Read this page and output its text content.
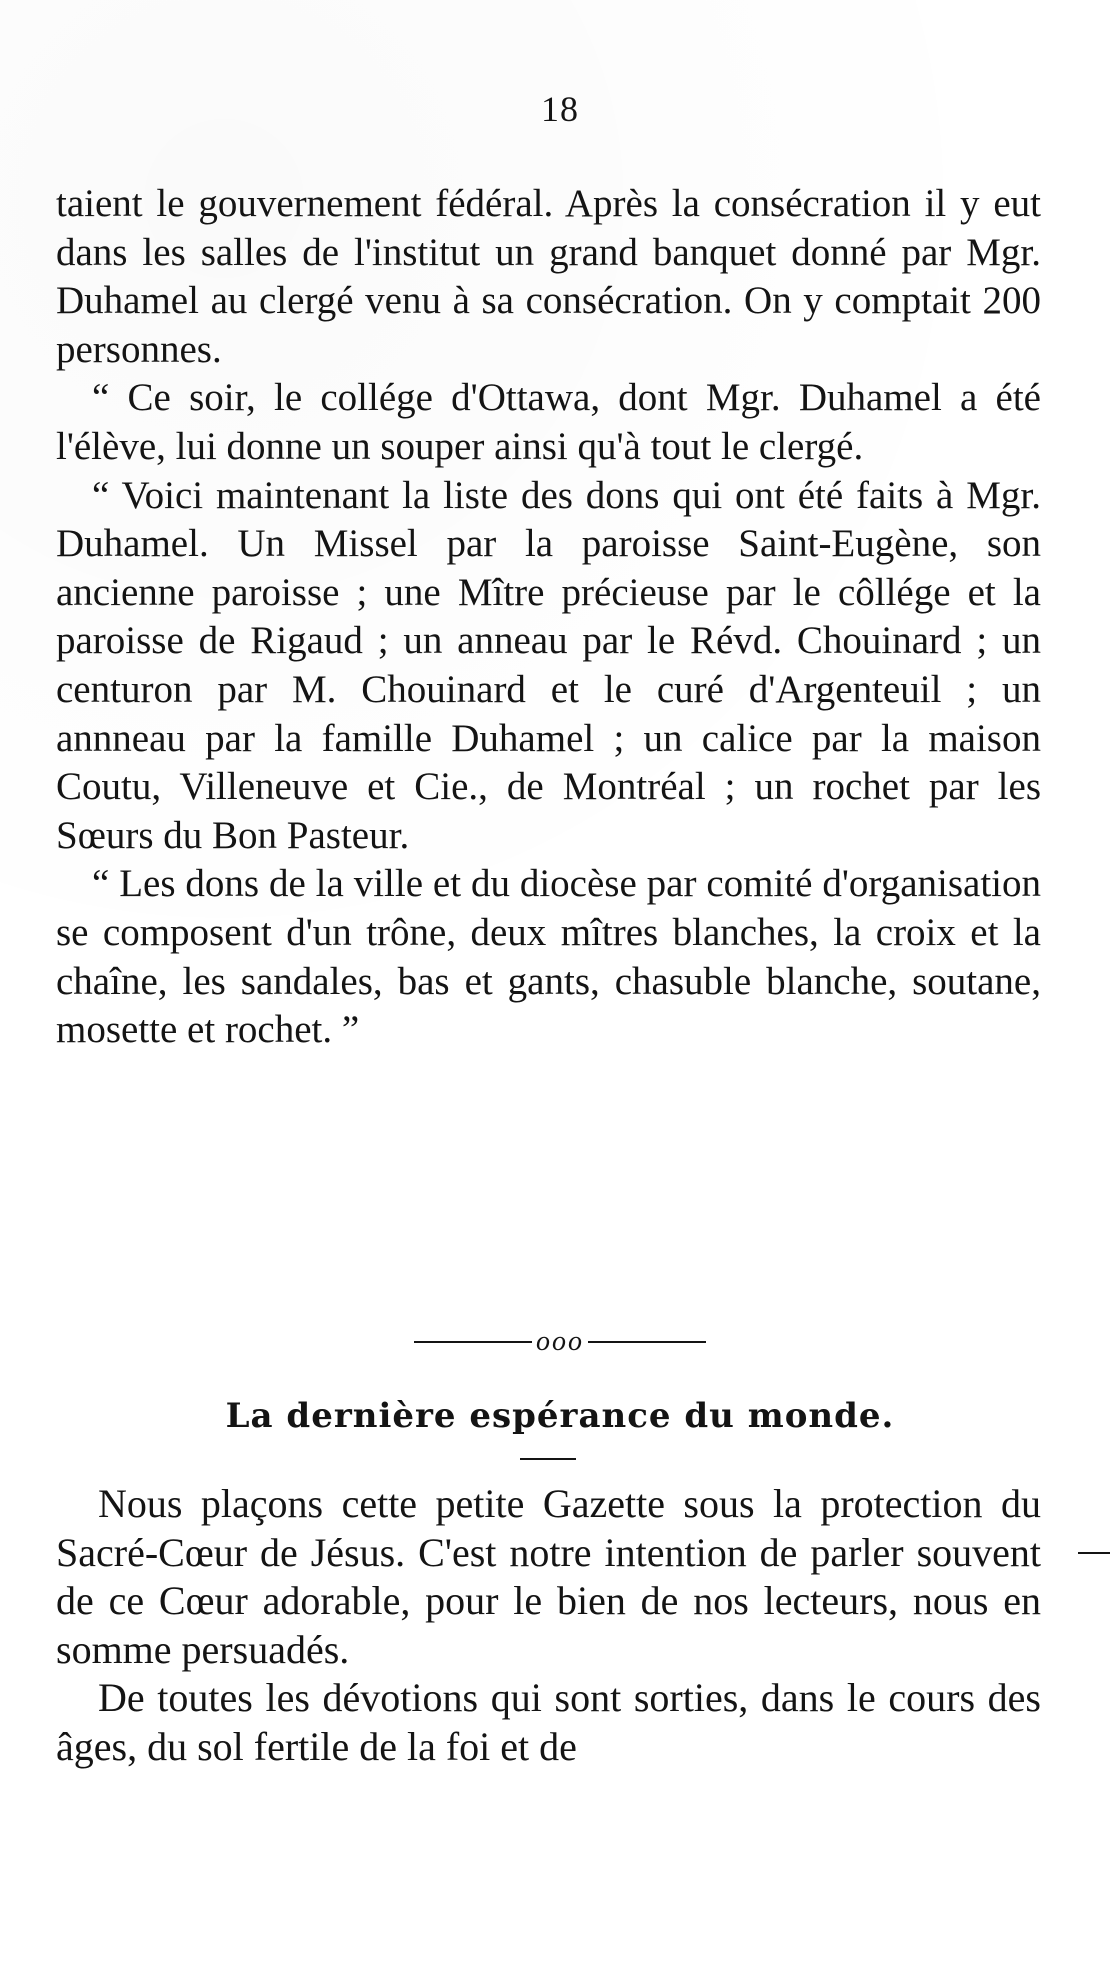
18

taient le gouvernement fédéral. Après la consécration il y eut dans les salles de l'institut un grand banquet donné par Mgr. Duhamel au clergé venu à sa consécration. On y comptait 200 personnes.

“ Ce soir, le collége d'Ottawa, dont Mgr. Duhamel a été l'élève, lui donne un souper ainsi qu'à tout le clergé.

“ Voici maintenant la liste des dons qui ont été faits à Mgr. Duhamel. Un Missel par la paroisse Saint-Eugène, son ancienne paroisse ; une Mître précieuse par le côllége et la paroisse de Rigaud ; un anneau par le Révd. Chouinard ; un centuron par M. Chouinard et le curé d'Argenteuil ; un annneau par la famille Duhamel ; un calice par la maison Coutu, Villeneuve et Cie., de Montréal ; un rochet par les Sœurs du Bon Pasteur.

“ Les dons de la ville et du diocèse par comité d'organisation se composent d'un trône, deux mîtres blanches, la croix et la chaîne, les sandales, bas et gants, chasuble blanche, soutane, mosette et rochet. ”

ooo
La dernière espérance du monde.

Nous plaçons cette petite Gazette sous la protection du Sacré-Cœur de Jésus. C'est notre intention de parler souvent de ce Cœur adorable, pour le bien de nos lecteurs, nous en somme persuadés.

De toutes les dévotions qui sont sorties, dans le cours des âges, du sol fertile de la foi et de
